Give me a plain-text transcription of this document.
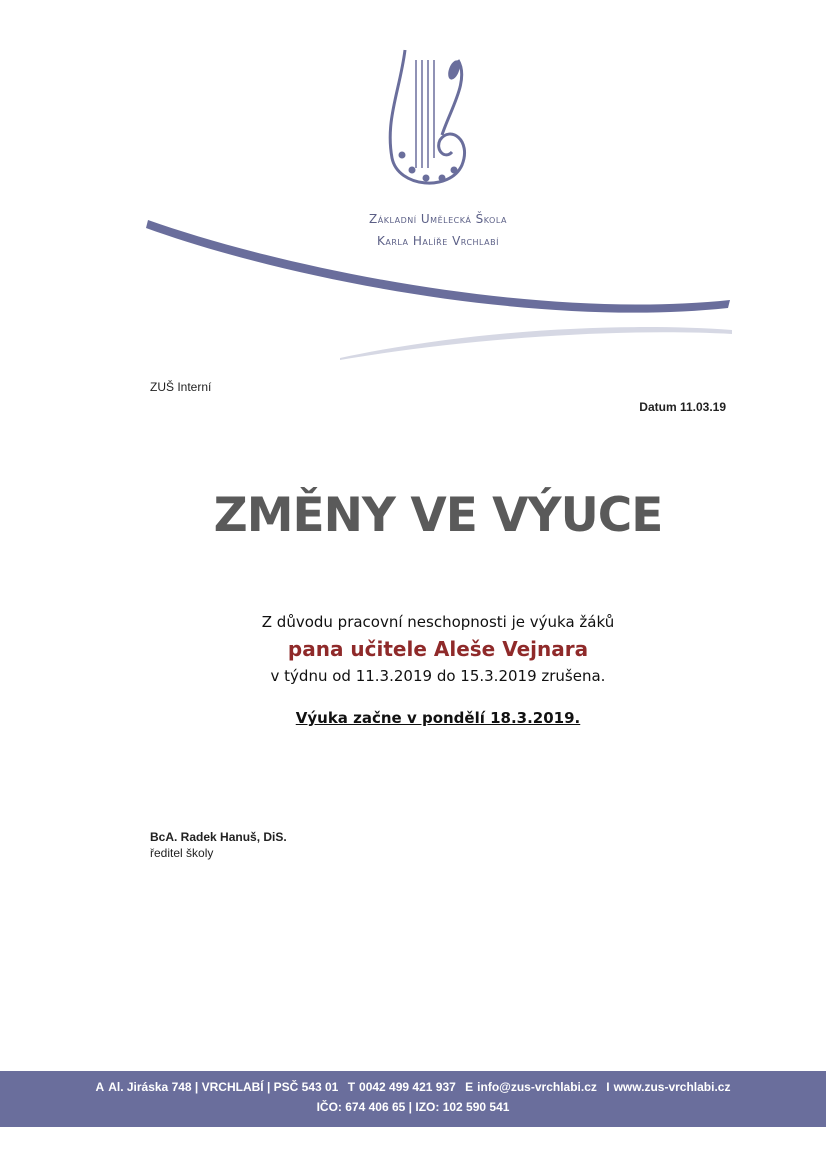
Základní Umělecká Škola
Karla Halíře Vrchlabí
ZUŠ Interní
Datum 11.03.19
ZMĚNY VE VÝUCE
Z důvodu pracovní neschopnosti je výuka žáků
pana učitele Aleše Vejnara
v týdnu od 11.3.2019 do 15.3.2019 zrušena.
Výuka začne v pondělí 18.3.2019.
BcA. Radek Hanuš, DiS.
ředitel školy
A Al. Jiráska 748 | VRCHLABÍ | PSČ 543 01 T 0042 499 421 937 E info@zus-vrchlabi.cz I www.zus-vrchlabi.cz
IČO: 674 406 65 | IZO: 102 590 541
